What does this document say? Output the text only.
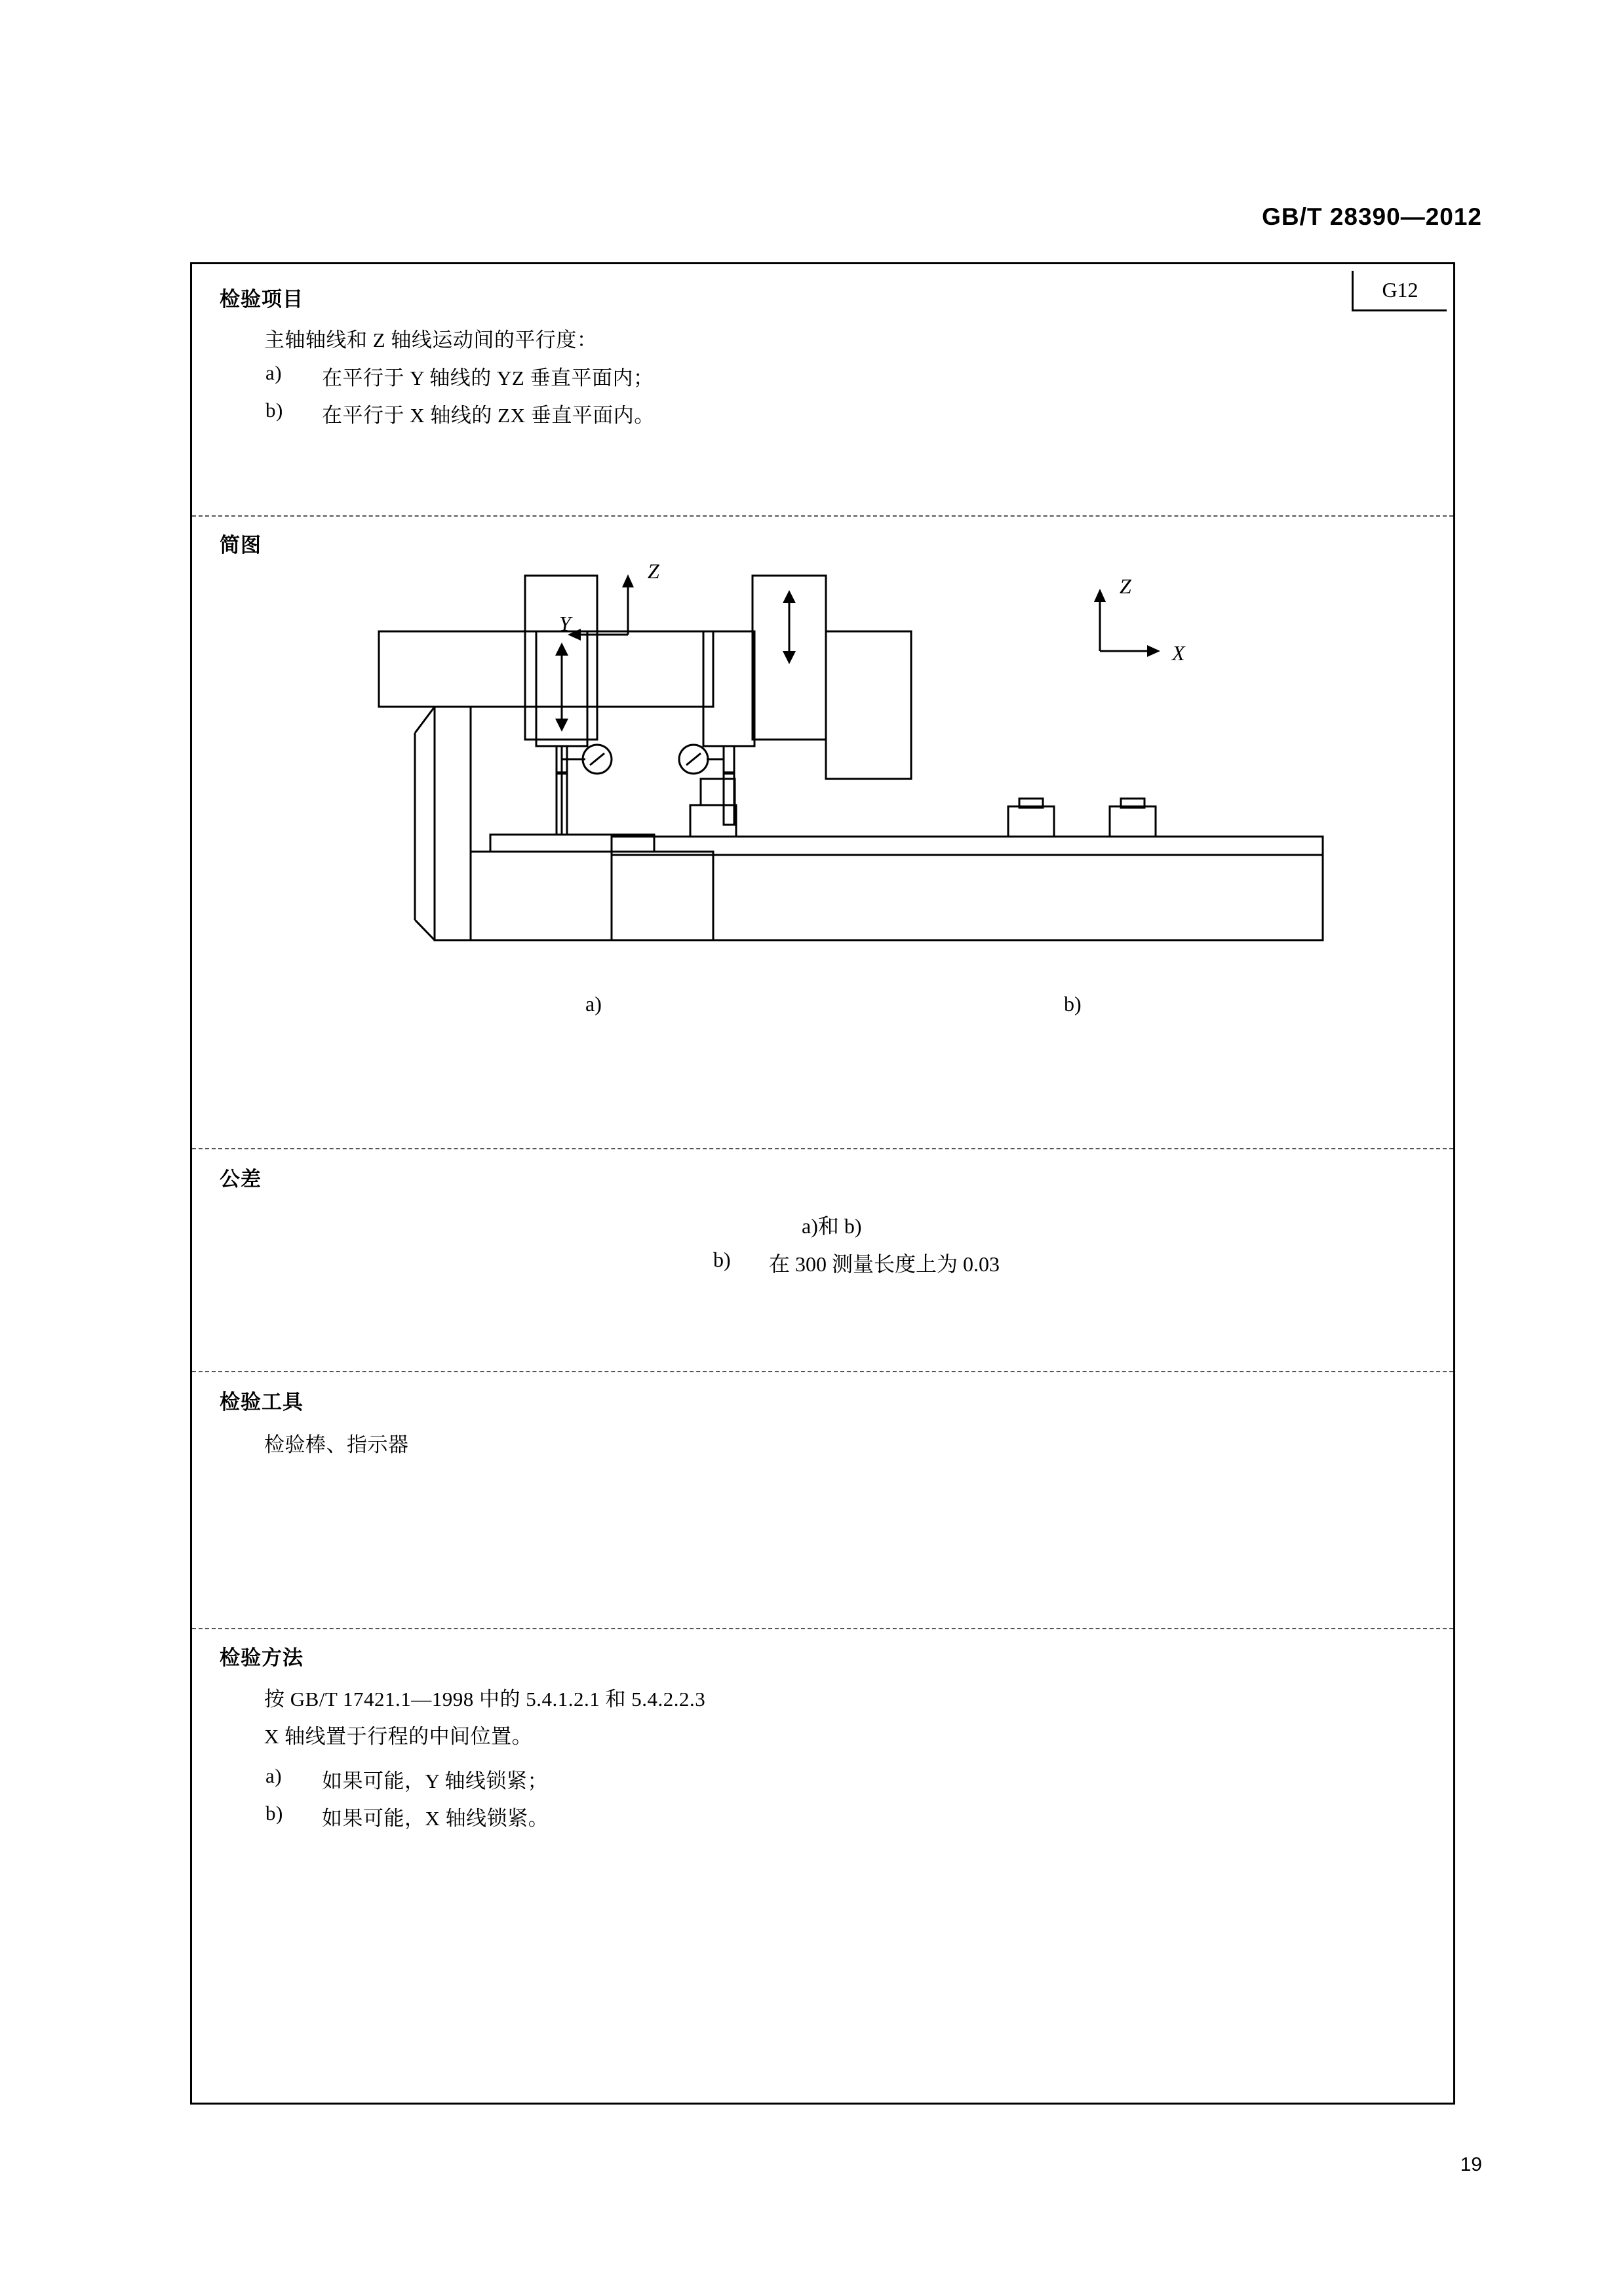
GB/T 28390—2012
G12
检验项目
主轴轴线和 Z 轴线运动间的平行度：
a) 在平行于 Y 轴线的 YZ 垂直平面内；
b) 在平行于 X 轴线的 ZX 垂直平面内。
简图
a)	b)
Z
Y
Z
X
公差
a)和 b)
b) 在 300 测量长度上为 0.03
检验工具
检验棒、指示器
检验方法
按 GB/T 17421.1—1998 中的 5.4.1.2.1 和 5.4.2.2.3
X 轴线置于行程的中间位置。
a) 如果可能，Y 轴线锁紧；
b) 如果可能，X 轴线锁紧。
19
